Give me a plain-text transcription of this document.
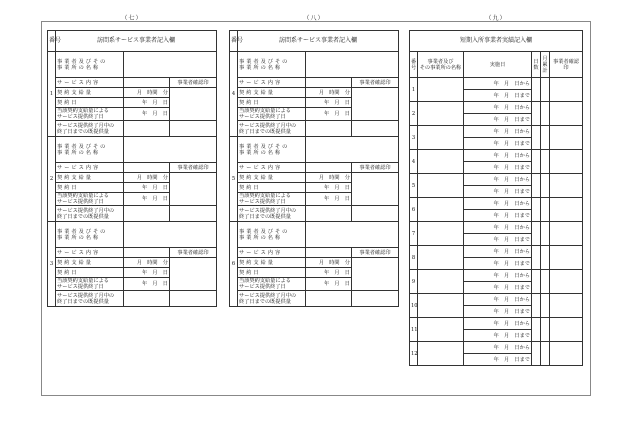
（七）
番号	訪問系サービス事業者記入欄		
1	事業者及びその
事業所の名称		
	サービス内容		事業者確認印
	契約支給量	月　時間　分	
	契約日	年　月　日	
	当該契約支給量による
サービス提供終了日	年　月　日	
	サービス提供終了月中の
終了日までの既提供量		
2	事業者及びその
事業所の名称		
	サービス内容		事業者確認印
	契約支給量	月　時間　分	
	契約日	年　月　日	
	当該契約支給量による
サービス提供終了日	年　月　日	
	サービス提供終了月中の
終了日までの既提供量		
3	事業者及びその
事業所の名称		
	サービス内容		事業者確認印
	契約支給量	月　時間　分	
	契約日	年　月　日	
	当該契約支給量による
サービス提供終了日	年　月　日	
	サービス提供終了月中の
終了日までの既提供量		
（八）
番号	訪問系サービス事業者記入欄		
4	事業者及びその
事業所の名称		
	サービス内容		事業者確認印
	契約支給量	月　時間　分	
	契約日	年　月　日	
	当該契約支給量による
サービス提供終了日	年　月　日	
	サービス提供終了月中の
終了日までの既提供量		
5	事業者及びその
事業所の名称		
	サービス内容		事業者確認印
	契約支給量	月　時間　分	
	契約日	年　月　日	
	当該契約支給量による
サービス提供終了日	年　月　日	
	サービス提供終了月中の
終了日までの既提供量		
6	事業者及びその
事業所の名称		
	サービス内容		事業者確認印
	契約支給量	月　時間　分	
	契約日	年　月　日	
	当該契約支給量による
サービス提供終了日	年　月　日	
	サービス提供終了月中の
終了日までの既提供量		
（九）
短期入所事業者実績記入欄					
番号	事業者及び
その事業所の名称	実施日	日数	月累計	事業者確認印
1		年　月　日から			
		年　月　日まで			
2		年　月　日から			
		年　月　日まで			
3		年　月　日から			
		年　月　日まで			
4		年　月　日から			
		年　月　日まで			
5		年　月　日から			
		年　月　日まで			
6		年　月　日から			
		年　月　日まで			
7		年　月　日から			
		年　月　日まで			
8		年　月　日から			
		年　月　日まで			
9		年　月　日から			
		年　月　日まで			
10		年　月　日から			
		年　月　日まで			
11		年　月　日から			
		年　月　日まで			
12		年　月　日から			
		年　月　日まで			
